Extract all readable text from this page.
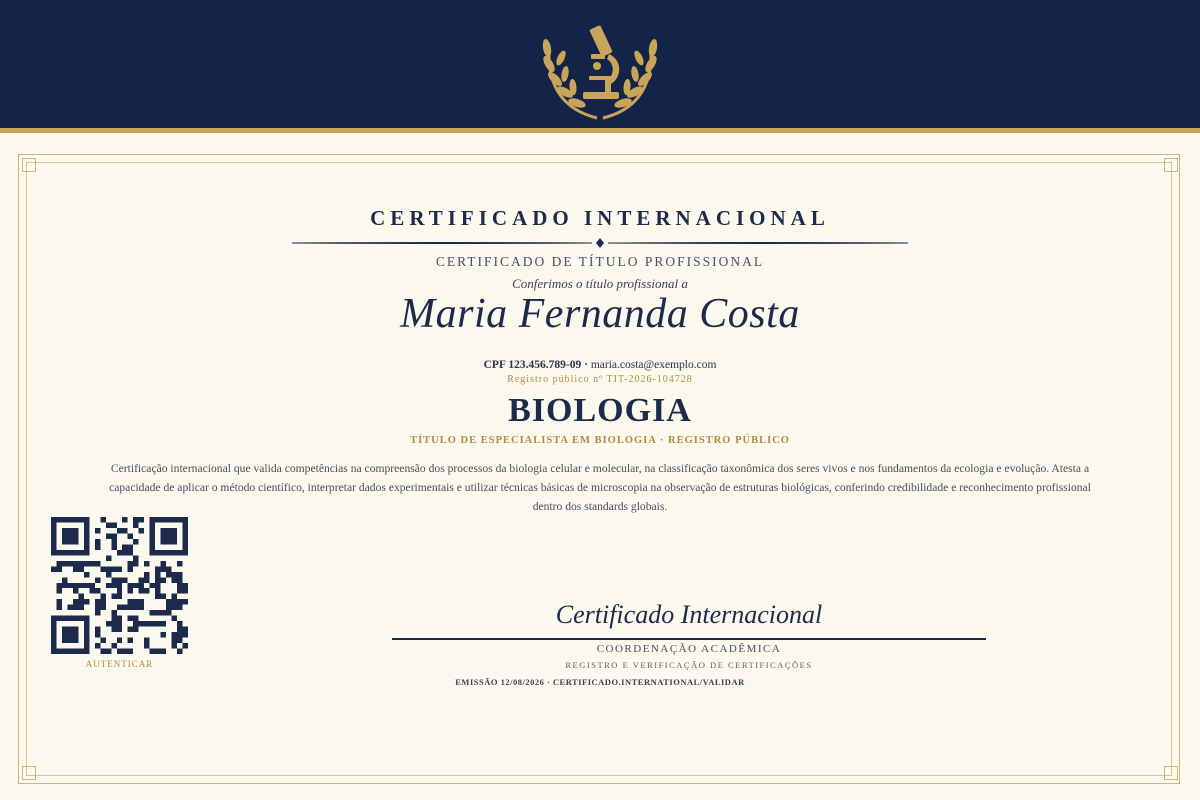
CERTIFICADO INTERNACIONAL
CERTIFICADO DE TÍTULO PROFISSIONAL
Conferimos o título profissional a
Maria Fernanda Costa
CPF 123.456.789-09 · maria.costa@exemplo.com
Registro público nº TIT-2026-104728
BIOLOGIA
TÍTULO DE ESPECIALISTA EM BIOLOGIA · REGISTRO PÚBLICO
Certificação internacional que valida competências na compreensão dos processos da biologia celular e molecular, na classificação taxonômica dos seres vivos e nos fundamentos da ecologia e evolução. Atesta a capacidade de aplicar o método científico, interpretar dados experimentais e utilizar técnicas básicas de microscopia na observação de estruturas biológicas, conferindo credibilidade e reconhecimento profissional dentro dos standards globais.
AUTENTICAR
Certificado Internacional
COORDENAÇÃO ACADÊMICA
REGISTRO E VERIFICAÇÃO DE CERTIFICAÇÕES
EMISSÃO 12/08/2026 · CERTIFICADO.INTERNATIONAL/VALIDAR
